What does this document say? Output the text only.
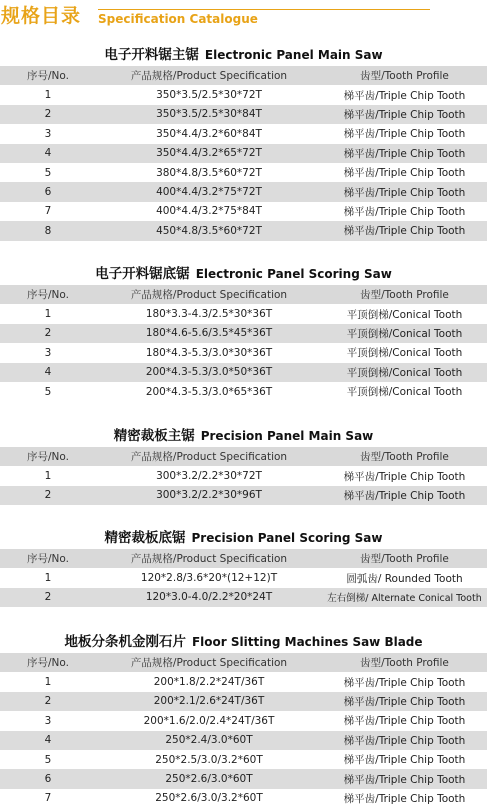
规格目录 Specification Catalogue
电子开料锯主锯 Electronic Panel Main Saw
序号/No.	产品规格/Product Specification	齿型/Tooth Profile
1	350*3.5/2.5*30*72T	梯平齿/Triple Chip Tooth
2	350*3.5/2.5*30*84T	梯平齿/Triple Chip Tooth
3	350*4.4/3.2*60*84T	梯平齿/Triple Chip Tooth
4	350*4.4/3.2*65*72T	梯平齿/Triple Chip Tooth
5	380*4.8/3.5*60*72T	梯平齿/Triple Chip Tooth
6	400*4.4/3.2*75*72T	梯平齿/Triple Chip Tooth
7	400*4.4/3.2*75*84T	梯平齿/Triple Chip Tooth
8	450*4.8/3.5*60*72T	梯平齿/Triple Chip Tooth
电子开料锯底锯 Electronic Panel Scoring Saw
序号/No.	产品规格/Product Specification	齿型/Tooth Profile
1	180*3.3-4.3/2.5*30*36T	平顶倒梯/Conical Tooth
2	180*4.6-5.6/3.5*45*36T	平顶倒梯/Conical Tooth
3	180*4.3-5.3/3.0*30*36T	平顶倒梯/Conical Tooth
4	200*4.3-5.3/3.0*50*36T	平顶倒梯/Conical Tooth
5	200*4.3-5.3/3.0*65*36T	平顶倒梯/Conical Tooth
精密裁板主锯 Precision Panel Main Saw
序号/No.	产品规格/Product Specification	齿型/Tooth Profile
1	300*3.2/2.2*30*72T	梯平齿/Triple Chip Tooth
2	300*3.2/2.2*30*96T	梯平齿/Triple Chip Tooth
精密裁板底锯 Precision Panel Scoring Saw
序号/No.	产品规格/Product Specification	齿型/Tooth Profile
1	120*2.8/3.6*20*(12+12)T	圆弧齿/ Rounded Tooth
2	120*3.0-4.0/2.2*20*24T	左右倒梯/ Alternate Conical Tooth
地板分条机金刚石片 Floor Slitting Machines Saw Blade
序号/No.	产品规格/Product Specification	齿型/Tooth Profile
1	200*1.8/2.2*24T/36T	梯平齿/Triple Chip Tooth
2	200*2.1/2.6*24T/36T	梯平齿/Triple Chip Tooth
3	200*1.6/2.0/2.4*24T/36T	梯平齿/Triple Chip Tooth
4	250*2.4/3.0*60T	梯平齿/Triple Chip Tooth
5	250*2.5/3.0/3.2*60T	梯平齿/Triple Chip Tooth
6	250*2.6/3.0*60T	梯平齿/Triple Chip Tooth
7	250*2.6/3.0/3.2*60T	梯平齿/Triple Chip Tooth
